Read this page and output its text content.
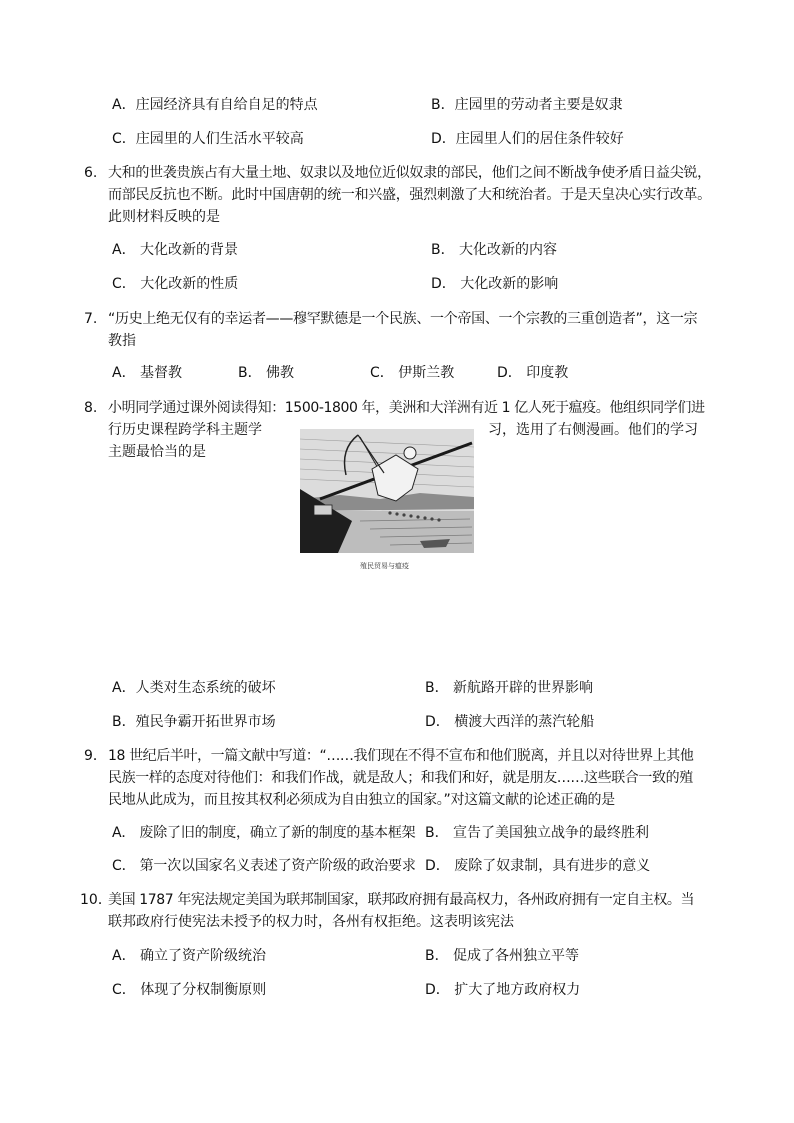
A．庄园经济具有自给自足的特点	B．庄园里的劳动者主要是奴隶
C．庄园里的人们生活水平较高	D．庄园里人们的居住条件较好
6. 大和的世袭贵族占有大量土地、奴隶以及地位近似奴隶的部民，他们之间不断战争使矛盾日益尖锐，
而部民反抗也不断。此时中国唐朝的统一和兴盛，强烈刺激了大和统治者。于是天皇决心实行改革。
此则材料反映的是
A． 大化改新的背景	B． 大化改新的内容
C． 大化改新的性质	D． 大化改新的影响
7. “历史上绝无仅有的幸运者——穆罕默德是一个民族、一个帝国、一个宗教的三重创造者”，这一宗
教指
A． 基督教	B． 佛教	C． 伊斯兰教	D． 印度教
8. 小明同学通过课外阅读得知：1500-1800 年，美洲和大洋洲有近 1 亿人死于瘟疫。他组织同学们进
行历史课程跨学科主题学	习，选用了右侧漫画。他们的学习
主题最恰当的是
殖民贸易与瘟疫
A．人类对生态系统的破坏	B． 新航路开辟的世界影响
B．殖民争霸开拓世界市场	D． 横渡大西洋的蒸汽轮船
9． 18 世纪后半叶，一篇文献中写道：“……我们现在不得不宣布和他们脱离，并且以对待世界上其他
民族一样的态度对待他们：和我们作战，就是敌人；和我们和好，就是朋友……这些联合一致的殖
民地从此成为，而且按其权利必须成为自由独立的国家。”对这篇文献的论述正确的是
A． 废除了旧的制度，确立了新的制度的基本框架 B． 宣告了美国独立战争的最终胜利
C． 第一次以国家名义表述了资产阶级的政治要求 D． 废除了奴隶制，具有进步的意义
10．
美国 1787 年宪法规定美国为联邦制国家，联邦政府拥有最高权力，各州政府拥有一定自主权。当
联邦政府行使宪法未授予的权力时，各州有权拒绝。这表明该宪法
A． 确立了资产阶级统治	B． 促成了各州独立平等
C． 体现了分权制衡原则	D． 扩大了地方政府权力
